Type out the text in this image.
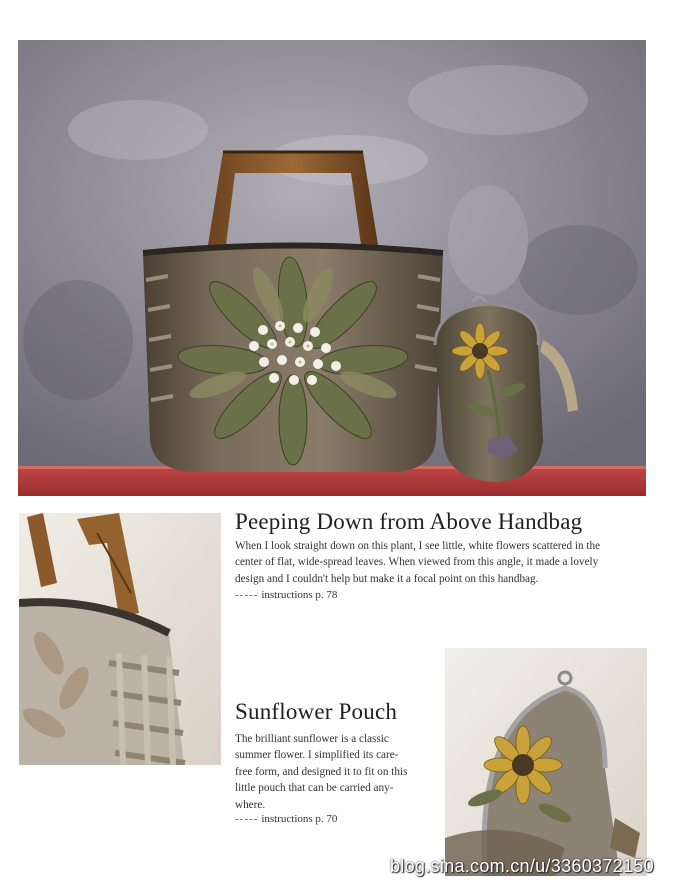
Peeping Down from Above Handbag

When I look straight down on this plant, I see little, white flowers scattered in the center of flat, wide-spread leaves. When viewed from this angle, it made a lovely design and I couldn't help but make it a focal point on this handbag.

----- instructions p. 78
Sunflower Pouch

The brilliant sunflower is a classic summer flower. I simplified its care-free form, and designed it to fit on this little pouch that can be carried any-where.

----- instructions p. 70
blog.sina.com.cn/u/3360372150
